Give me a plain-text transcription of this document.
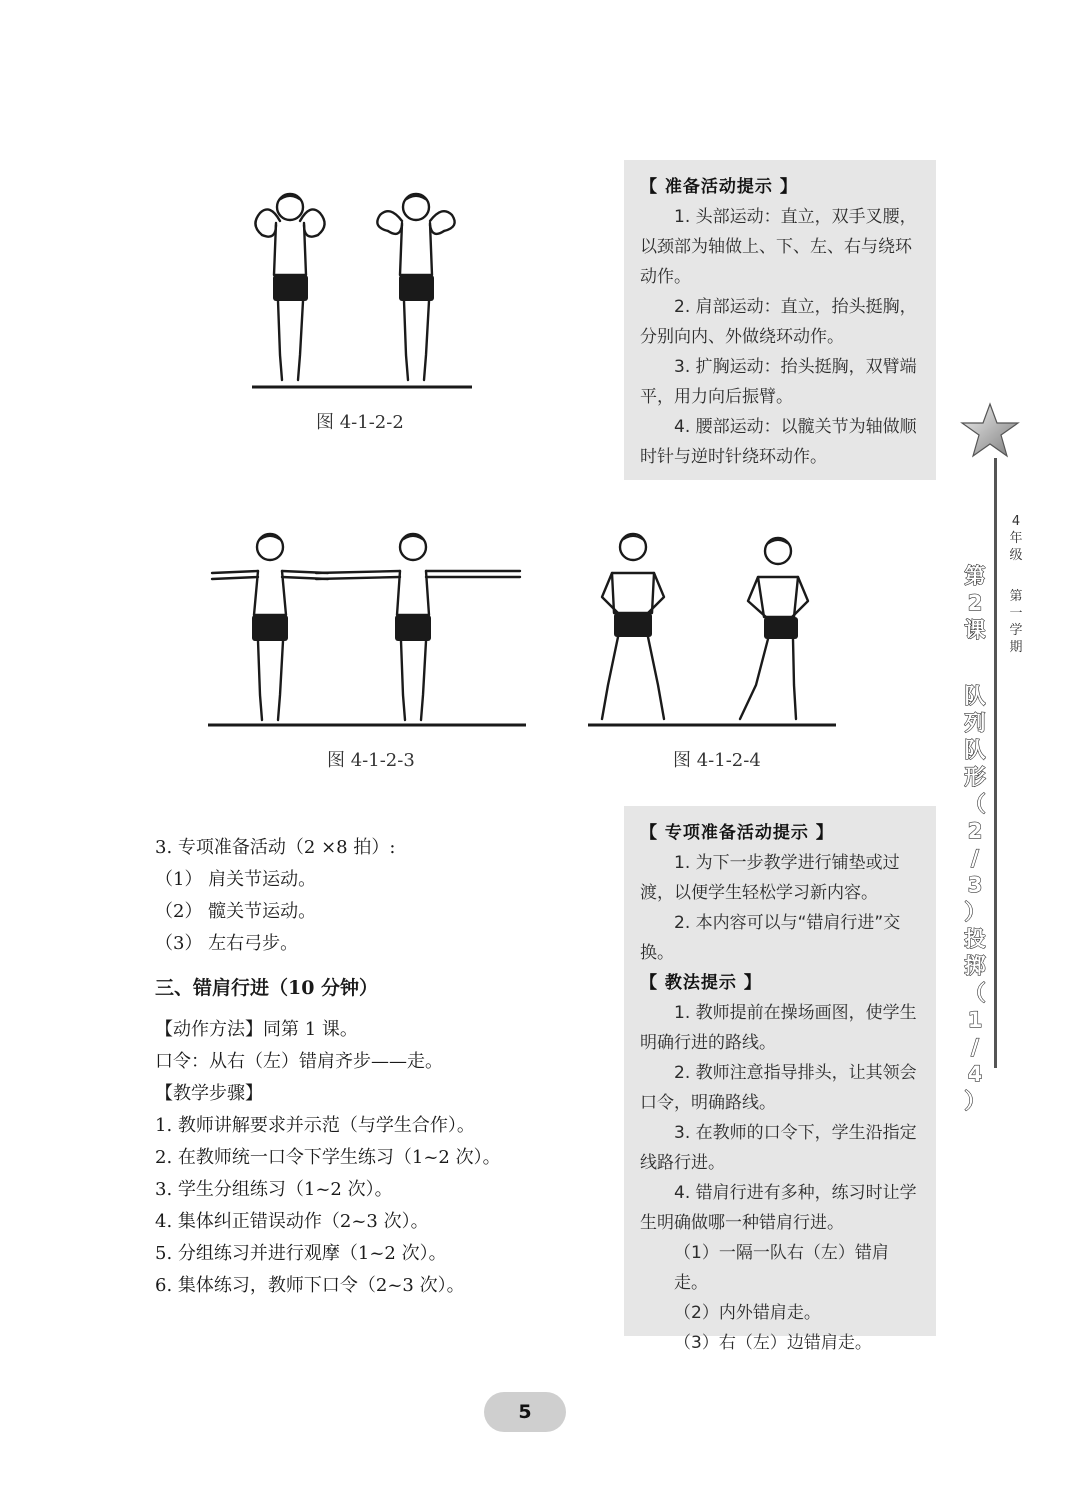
图 4-1-2-2
【 准备活动提示 】
1. 头部运动：直立，双手叉腰，以颈部为轴做上、下、左、右与绕环动作。
2. 肩部运动：直立，抬头挺胸，分别向内、外做绕环动作。
3. 扩胸运动：抬头挺胸，双臂端平，用力向后振臂。
4. 腰部运动：以髋关节为轴做顺时针与逆时针绕环动作。
图 4-1-2-3	图 4-1-2-4
4
年
级
第
一
学
期
第
2
课
队
列
队
形
（
2
/
3
）
投
掷
（
1
/
4
）
3. 专项准备活动（2 ×8 拍）:
（1） 肩关节运动。
（2） 髋关节运动。
（3） 左右弓步。
三、错肩行进（10 分钟）
【动作方法】同第 1 课。
口令：从右（左）错肩齐步——走。
【教学步骤】
1. 教师讲解要求并示范（与学生合作）。
2. 在教师统一口令下学生练习（1~2 次）。
3. 学生分组练习（1~2 次）。
4. 集体纠正错误动作（2~3 次）。
5. 分组练习并进行观摩（1~2 次）。
6. 集体练习，教师下口令（2~3 次）。
【 专项准备活动提示 】
1. 为下一步教学进行铺垫或过渡，以便学生轻松学习新内容。
2. 本内容可以与“错肩行进”交换。
【 教法提示 】
1. 教师提前在操场画图，使学生明确行进的路线。
2. 教师注意指导排头，让其领会口令，明确路线。
3. 在教师的口令下，学生沿指定线路行进。
4. 错肩行进有多种，练习时让学生明确做哪一种错肩行进。
（1）一隔一队右（左）错肩走。
（2）内外错肩走。
（3）右（左）边错肩走。
5
